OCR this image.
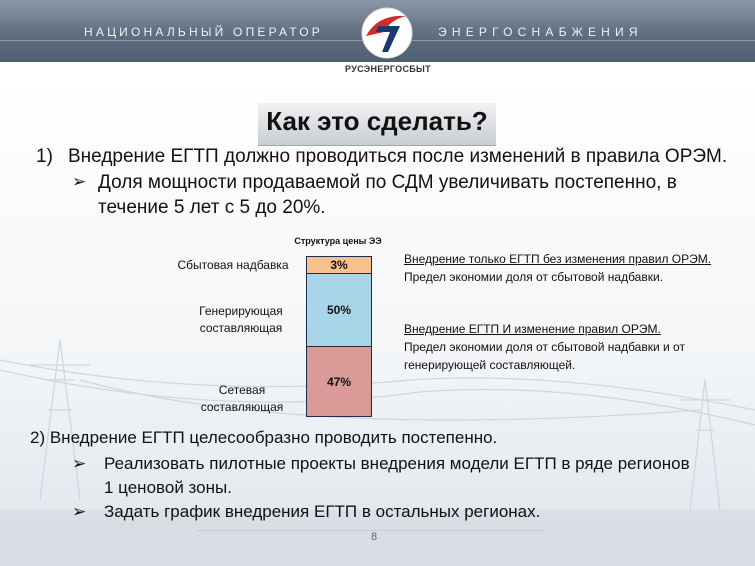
НАЦИОНАЛЬНЫЙ ОПЕРАТОР	ЭНЕРГОСНАБЖЕНИЯ
РУСЭНЕРГОСБЫТ
Как это сделать?
1) Внедрение ЕГТП должно проводиться после изменений в правила ОРЭМ.
➢ Доля мощности продаваемой по СДМ увеличивать постепенно, в течение 5 лет с 5 до 20%.
Структура цены ЭЭ
Сбытовая надбавка
Генерирующая составляющая
Сетевая составляющая
3%
50%
47%
Внедрение только ЕГТП без изменения правил ОРЭМ.
Предел экономии доля от сбытовой надбавки.
Внедрение ЕГТП И изменение правил ОРЭМ.
Предел экономии доля от сбытовой надбавки и от генерирующей составляющей.
2) Внедрение ЕГТП целесообразно проводить постепенно.
➢ Реализовать пилотные проекты внедрения модели ЕГТП в ряде регионов 1 ценовой зоны.
➢ Задать график внедрения ЕГТП в остальных регионах.
8
